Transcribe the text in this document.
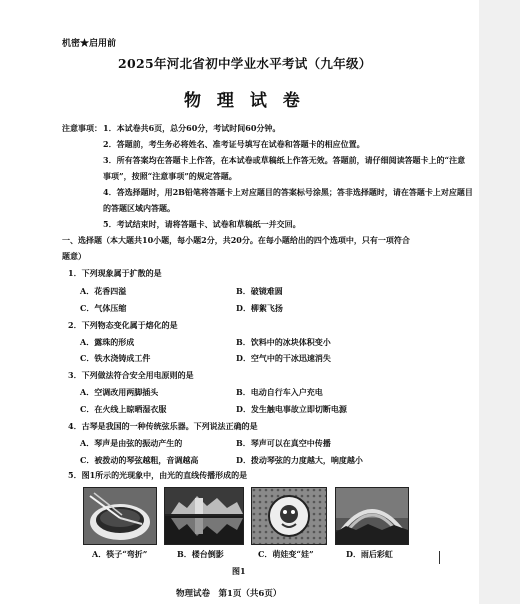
机密★启用前
2025年河北省初中学业水平考试（九年级）
物 理 试 卷
注意事项： 1．本试卷共6页，总分60分，考试时间60分钟。
2．答题前，考生务必将姓名、准考证号填写在试卷和答题卡的相应位置。
3．所有答案均在答题卡上作答，在本试卷或草稿纸上作答无效。答题前，请仔细阅读答题卡上的“注意事项”，按照“注意事项”的规定答题。
4．答选择题时，用2B铅笔将答题卡上对应题目的答案标号涂黑；答非选择题时，请在答题卡上对应题目的答题区域内答题。
5．考试结束时，请将答题卡、试卷和草稿纸一并交回。
一、选择题（本大题共10小题，每小题2分，共20分。在每小题给出的四个选项中，只有一项符合题意）
1．下列现象属于扩散的是
A．花香四溢	B．破镜难圆
C．气体压缩	D．柳絮飞扬
2．下列物态变化属于熔化的是
A．露珠的形成	B．饮料中的冰块体积变小
C．铁水浇铸成工件	D．空气中的干冰迅速消失
3．下列做法符合安全用电原则的是
A．空调改用两脚插头	B．电动自行车入户充电
C．在火线上晾晒湿衣服	D．发生触电事故立即切断电源
4．古琴是我国的一种传统弦乐器。下列说法正确的是
A．琴声是由弦的振动产生的	B．琴声可以在真空中传播
C．被拨动的琴弦越粗，音调越高	D．拨动琴弦的力度越大，响度越小
5．图1所示的光现象中，由光的直线传播形成的是
A．筷子“弯折”	B．楼台倒影	C．萌娃变“娃”	D．雨后彩虹
图1
物理试卷　第1页（共6页）
